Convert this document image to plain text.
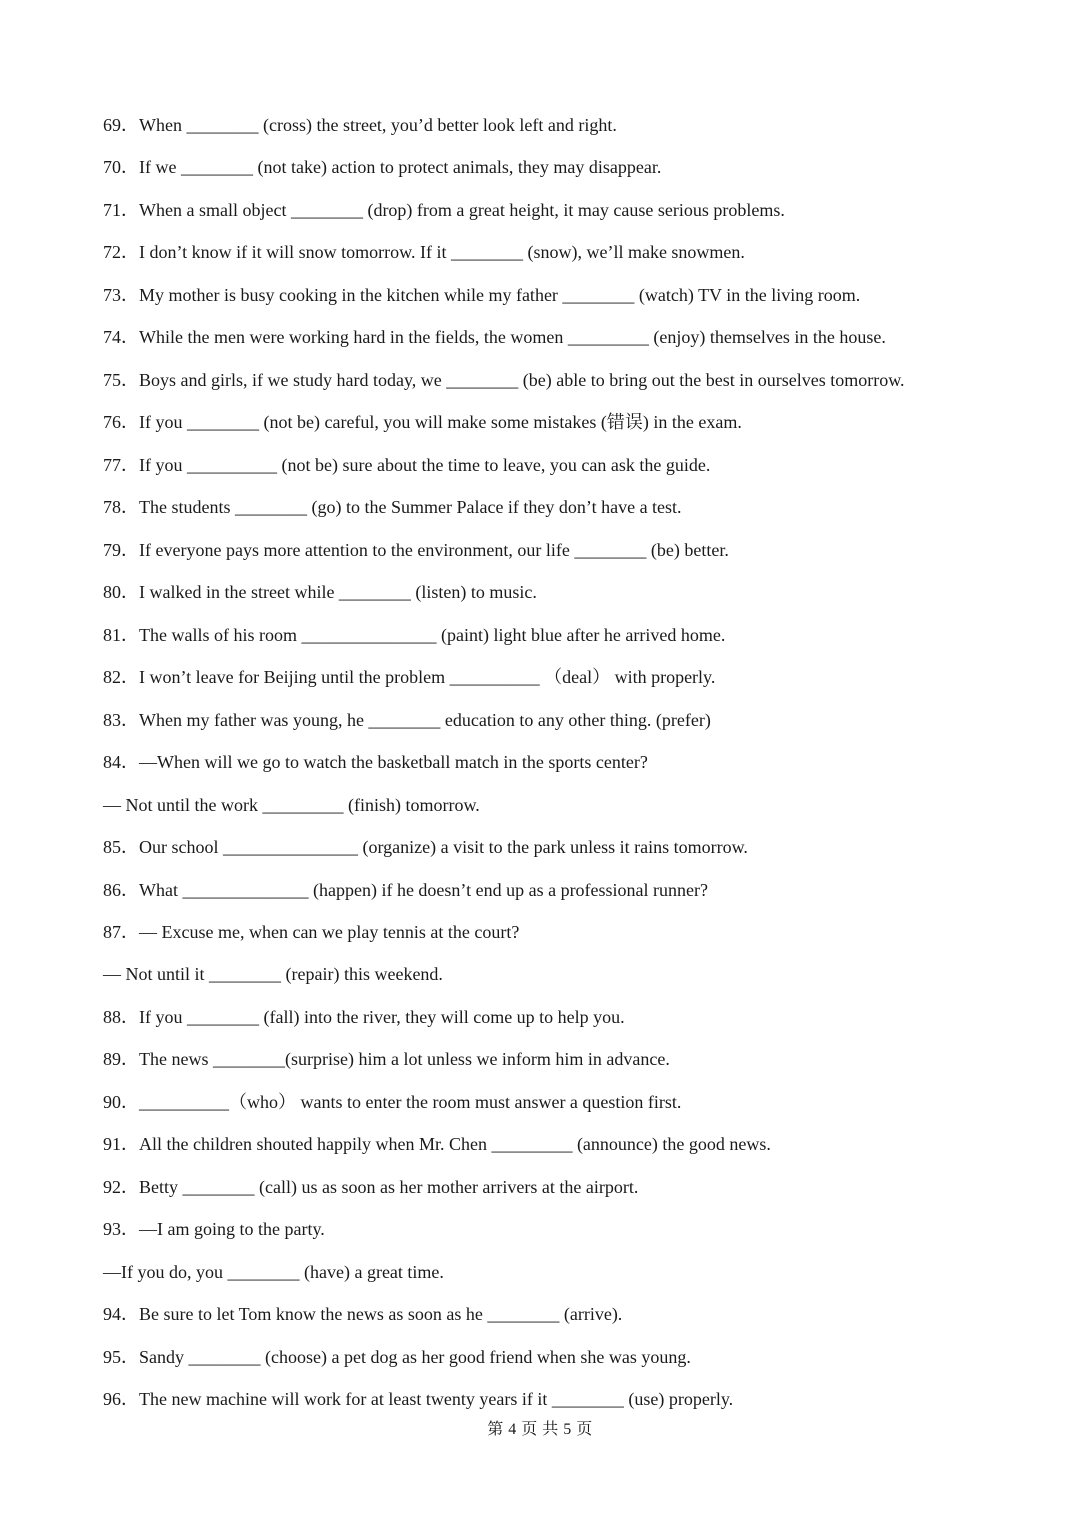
69．When ________ (cross) the street, you’d better look left and right.
70．If we ________ (not take) action to protect animals, they may disappear.
71．When a small object ________ (drop) from a great height, it may cause serious problems.
72．I don’t know if it will snow tomorrow. If it ________ (snow), we’ll make snowmen.
73．My mother is busy cooking in the kitchen while my father ________ (watch) TV in the living room.
74．While the men were working hard in the fields, the women _________ (enjoy) themselves in the house.
75．Boys and girls, if we study hard today, we ________ (be) able to bring out the best in ourselves tomorrow.
76．If you ________ (not be) careful, you will make some mistakes (错误) in the exam.
77．If you __________ (not be) sure about the time to leave, you can ask the guide.
78．The students ________ (go) to the Summer Palace if they don’t have a test.
79．If everyone pays more attention to the environment, our life ________ (be) better.
80．I walked in the street while ________ (listen) to music.
81．The walls of his room _______________ (paint) light blue after he arrived home.
82．I won’t leave for Beijing until the problem __________ （deal） with properly.
83．When my father was young, he ________ education to any other thing. (prefer)
84．—When will we go to watch the basketball match in the sports center?
— Not until the work _________ (finish) tomorrow.
85．Our school _______________ (organize) a visit to the park unless it rains tomorrow.
86．What ______________ (happen) if he doesn’t end up as a professional runner?
87．— Excuse me, when can we play tennis at the court?
— Not until it ________ (repair) this weekend.
88．If you ________ (fall) into the river, they will come up to help you.
89．The news ________(surprise) him a lot unless we inform him in advance.
90．__________（who） wants to enter the room must answer a question first.
91．All the children shouted happily when Mr. Chen _________ (announce) the good news.
92．Betty ________ (call) us as soon as her mother arrivers at the airport.
93．—I am going to the party.
—If you do, you ________ (have) a great time.
94．Be sure to let Tom know the news as soon as he ________ (arrive).
95．Sandy ________ (choose) a pet dog as her good friend when she was young.
96．The new machine will work for at least twenty years if it ________ (use) properly.
第 4 页 共 5 页
